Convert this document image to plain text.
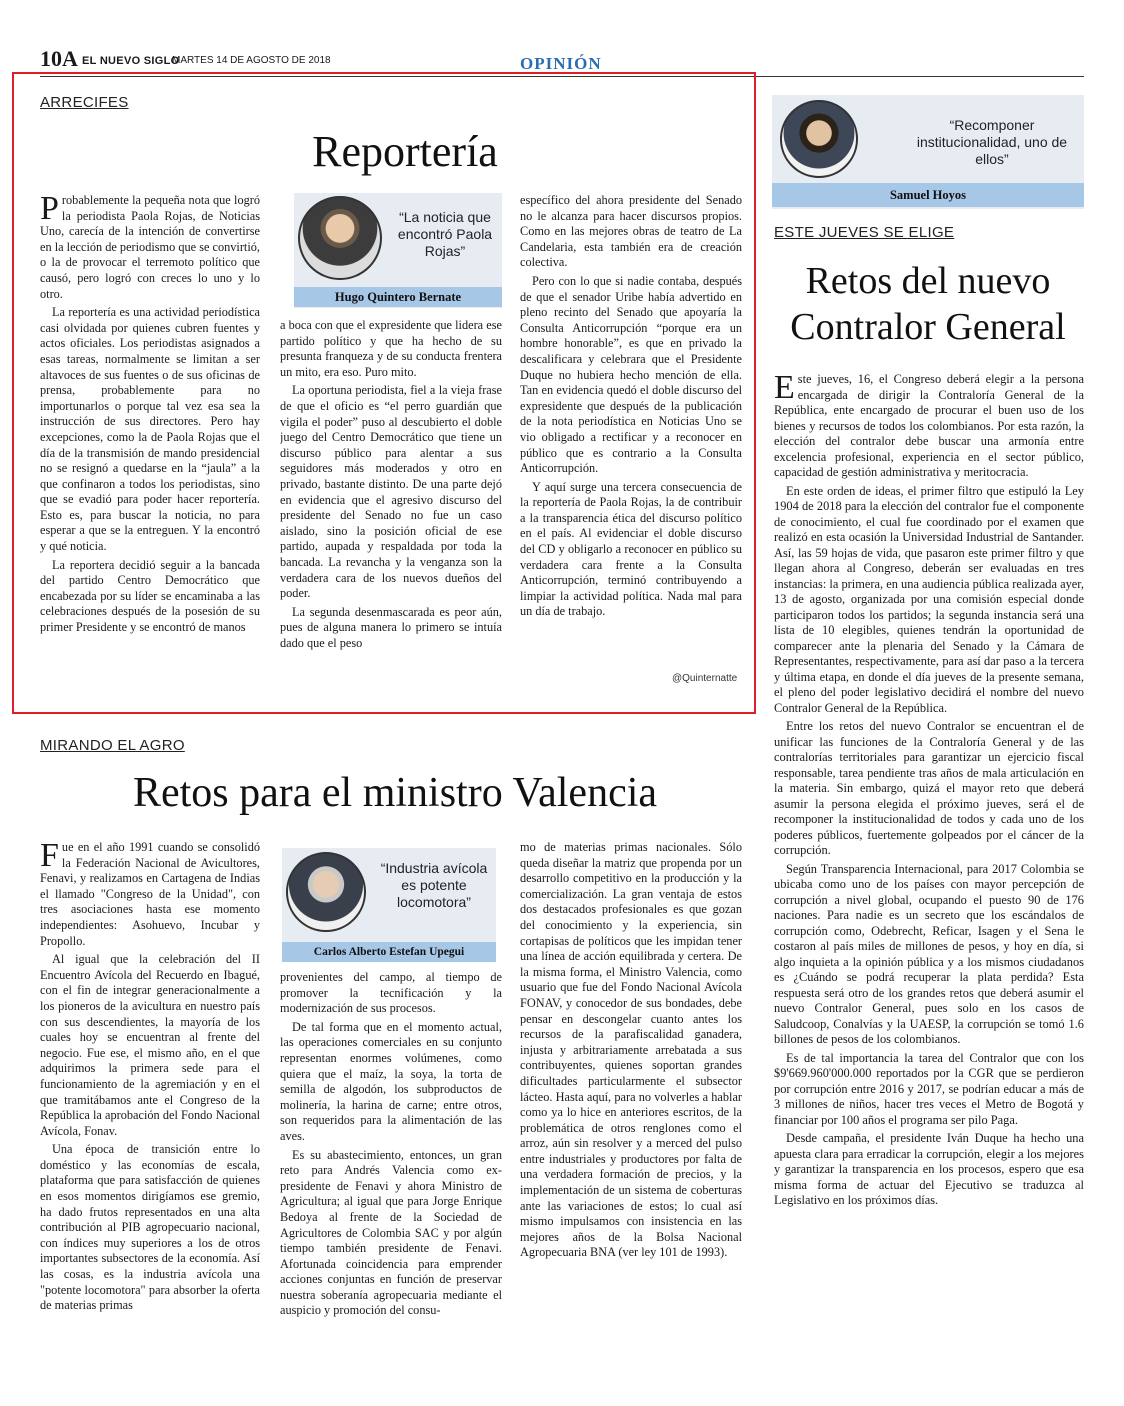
10A EL NUEVO SIGLO
MARTES 14 DE AGOSTO DE 2018	OPINIÓN
ARRECIFES
Reportería

Probablemente la pequeña nota que logró la periodista Paola Rojas, de Noticias Uno, carecía de la intención de convertirse en la lección de periodismo que se convirtió, o la de provocar el terremoto político que causó, pero logró con creces lo uno y lo otro.

La reportería es una actividad periodística casi olvidada por quienes cubren fuentes y actos oficiales. Los periodistas asignados a esas tareas, normalmente se limitan a ser altavoces de sus fuentes o de sus oficinas de prensa, probablemente para no importunarlos o porque tal vez esa sea la instrucción de sus directores. Pero hay excepciones, como la de Paola Rojas que el día de la transmisión de mando presidencial no se resignó a quedarse en la “jaula” a la que confinaron a todos los periodistas, sino que se evadió para poder hacer reportería. Esto es, para buscar la noticia, no para esperar a que se la entreguen. Y la encontró y qué noticia.

La reportera decidió seguir a la bancada del partido Centro Democrático que encabezada por su líder se encaminaba a las celebraciones después de la posesión de su primer Presidente y se encontró de manos

“La noticia que encontró Paola Rojas”
Hugo Quintero Bernate

a boca con que el expresidente que lidera ese partido político y que ha hecho de su presunta franqueza y de su conducta frentera un mito, era eso. Puro mito.

La oportuna periodista, fiel a la vieja frase de que el oficio es “el perro guardián que vigila el poder” puso al descubierto el doble juego del Centro Democrático que tiene un discurso público para alentar a sus seguidores más moderados y otro en privado, bastante distinto. De una parte dejó en evidencia que el agresivo discurso del presidente del Senado no fue un caso aislado, sino la posición oficial de ese partido, aupada y respaldada por toda la bancada. La revancha y la venganza son la verdadera cara de los nuevos dueños del poder.

La segunda desenmascarada es peor aún, pues de alguna manera lo primero se intuía dado que el peso

específico del ahora presidente del Senado no le alcanza para hacer discursos propios. Como en las mejores obras de teatro de La Candelaria, esta también era de creación colectiva.

Pero con lo que si nadie contaba, después de que el senador Uribe había advertido en pleno recinto del Senado que apoyaría la Consulta Anticorrupción “porque era un hombre honorable”, es que en privado la descalificara y celebrara que el Presidente Duque no hubiera hecho mención de ella. Tan en evidencia quedó el doble discurso del expresidente que después de la publicación de la nota periodística en Noticias Uno se vio obligado a rectificar y a reconocer en público que es contrario a la Consulta Anticorrupción.

Y aquí surge una tercera consecuencia de la reportería de Paola Rojas, la de contribuir a la transparencia ética del discurso político en el país. Al evidenciar el doble discurso del CD y obligarlo a reconocer en público su verdadera cara frente a la Consulta Anticorrupción, terminó contribuyendo a limpiar la actividad política. Nada mal para un día de trabajo.

@Quinternatte
MIRANDO EL AGRO
Retos para el ministro Valencia

Fue en el año 1991 cuando se consolidó la Federación Nacional de Avicultores, Fenavi, y realizamos en Cartagena de Indias el llamado "Congreso de la Unidad", con tres asociaciones hasta ese momento independientes: Asohuevo, Incubar y Propollo.

Al igual que la celebración del II Encuentro Avícola del Recuerdo en Ibagué, con el fin de integrar generacionalmente a los pioneros de la avicultura en nuestro país con sus descendientes, la mayoría de los cuales hoy se encuentran al frente del negocio. Fue ese, el mismo año, en el que adquirimos la primera sede para el funcionamiento de la agremiación y en el que tramitábamos ante el Congreso de la República la aprobación del Fondo Nacional Avícola, Fonav.

Una época de transición entre lo doméstico y las economías de escala, plataforma que para satisfacción de quienes en esos momentos dirigíamos ese gremio, ha dado frutos representados en una alta contribución al PIB agropecuario nacional, con índices muy superiores a los de otros importantes subsectores de la economía. Así las cosas, es la industria avícola una "potente locomotora" para absorber la oferta de materias primas

“Industria avícola es potente locomotora”
Carlos Alberto Estefan Upegui

provenientes del campo, al tiempo de promover la tecnificación y la modernización de sus procesos.

De tal forma que en el momento actual, las operaciones comerciales en su conjunto representan enormes volúmenes, como quiera que el maíz, la soya, la torta de semilla de algodón, los subproductos de molinería, la harina de carne; entre otros, son requeridos para la alimentación de las aves.

Es su abastecimiento, entonces, un gran reto para Andrés Valencia como ex-presidente de Fenavi y ahora Ministro de Agricultura; al igual que para Jorge Enrique Bedoya al frente de la Sociedad de Agricultores de Colombia SAC y por algún tiempo también presidente de Fenavi. Afortunada coincidencia para emprender acciones conjuntas en función de preservar nuestra soberanía agropecuaria mediante el auspicio y promoción del consu-

mo de materias primas nacionales. Sólo queda diseñar la matriz que propenda por un desarrollo competitivo en la producción y la comercialización. La gran ventaja de estos dos destacados profesionales es que gozan del conocimiento y la experiencia, sin cortapisas de políticos que les impidan tener una línea de acción equilibrada y certera. De la misma forma, el Ministro Valencia, como usuario que fue del Fondo Nacional Avícola FONAV, y conocedor de sus bondades, debe pensar en descongelar cuanto antes los recursos de la parafiscalidad ganadera, injusta y arbitrariamente arrebatada a sus contribuyentes, quienes soportan grandes dificultades particularmente el subsector lácteo. Hasta aquí, para no volverles a hablar como ya lo hice en anteriores escritos, de la problemática de otros renglones como el arroz, aún sin resolver y a merced del pulso entre industriales y productores por falta de una verdadera formación de precios, y la implementación de un sistema de coberturas ante las variaciones de estos; lo cual así mismo impulsamos con insistencia en las mejores años de la Bolsa Nacional Agropecuaria BNA (ver ley 101 de 1993).

“Recomponer institucionalidad, uno de ellos”
Samuel Hoyos
ESTE JUEVES SE ELIGE
Retos del nuevo Contralor General

Este jueves, 16, el Congreso deberá elegir a la persona encargada de dirigir la Contraloría General de la República, ente encargado de procurar el buen uso de los bienes y recursos de todos los colombianos. Por esta razón, la elección del contralor debe buscar una armonía entre excelencia profesional, experiencia en el sector público, capacidad de gestión administrativa y meritocracia.

En este orden de ideas, el primer filtro que estipuló la Ley 1904 de 2018 para la elección del contralor fue el componente de conocimiento, el cual fue coordinado por el examen que realizó en esta ocasión la Universidad Industrial de Santander. Así, las 59 hojas de vida, que pasaron este primer filtro y que llegan ahora al Congreso, deberán ser evaluadas en tres instancias: la primera, en una audiencia pública realizada ayer, 13 de agosto, organizada por una comisión especial donde participaron todos los partidos; la segunda instancia será una lista de 10 elegibles, quienes tendrán la oportunidad de comparecer ante la plenaria del Senado y la Cámara de Representantes, respectivamente, para así dar paso a la tercera y última etapa, en donde el día jueves de la presente semana, el pleno del poder legislativo decidirá el nombre del nuevo Contralor General de la República.

Entre los retos del nuevo Contralor se encuentran el de unificar las funciones de la Contraloría General y de las contralorías territoriales para garantizar un ejercicio fiscal responsable, tarea pendiente tras años de mala articulación en la materia. Sin embargo, quizá el mayor reto que deberá asumir la persona elegida el próximo jueves, será el de recomponer la institucionalidad de todos y cada uno de los poderes públicos, fuertemente golpeados por el cáncer de la corrupción.

Según Transparencia Internacional, para 2017 Colombia se ubicaba como uno de los países con mayor percepción de corrupción a nivel global, ocupando el puesto 90 de 176 naciones. Para nadie es un secreto que los escándalos de corrupción como, Odebrecht, Reficar, Isagen y el Sena le costaron al país miles de millones de pesos, y hoy en día, si algo inquieta a la opinión pública y a los mismos ciudadanos es ¿Cuándo se podrá recuperar la plata perdida? Esta respuesta será otro de los grandes retos que deberá asumir el nuevo Contralor General, pues solo en los casos de Saludcoop, Conalvías y la UAESP, la corrupción se tomó 1.6 billones de pesos de los colombianos.

Es de tal importancia la tarea del Contralor que con los $9'669.960'000.000 reportados por la CGR que se perdieron por corrupción entre 2016 y 2017, se podrían educar a más de 3 millones de niños, hacer tres veces el Metro de Bogotá y financiar por 100 años el programa ser pilo Paga.

Desde campaña, el presidente Iván Duque ha hecho una apuesta clara para erradicar la corrupción, elegir a los mejores y garantizar la transparencia en los procesos, espero que esa misma forma de actuar del Ejecutivo se traduzca al Legislativo en los próximos días.
